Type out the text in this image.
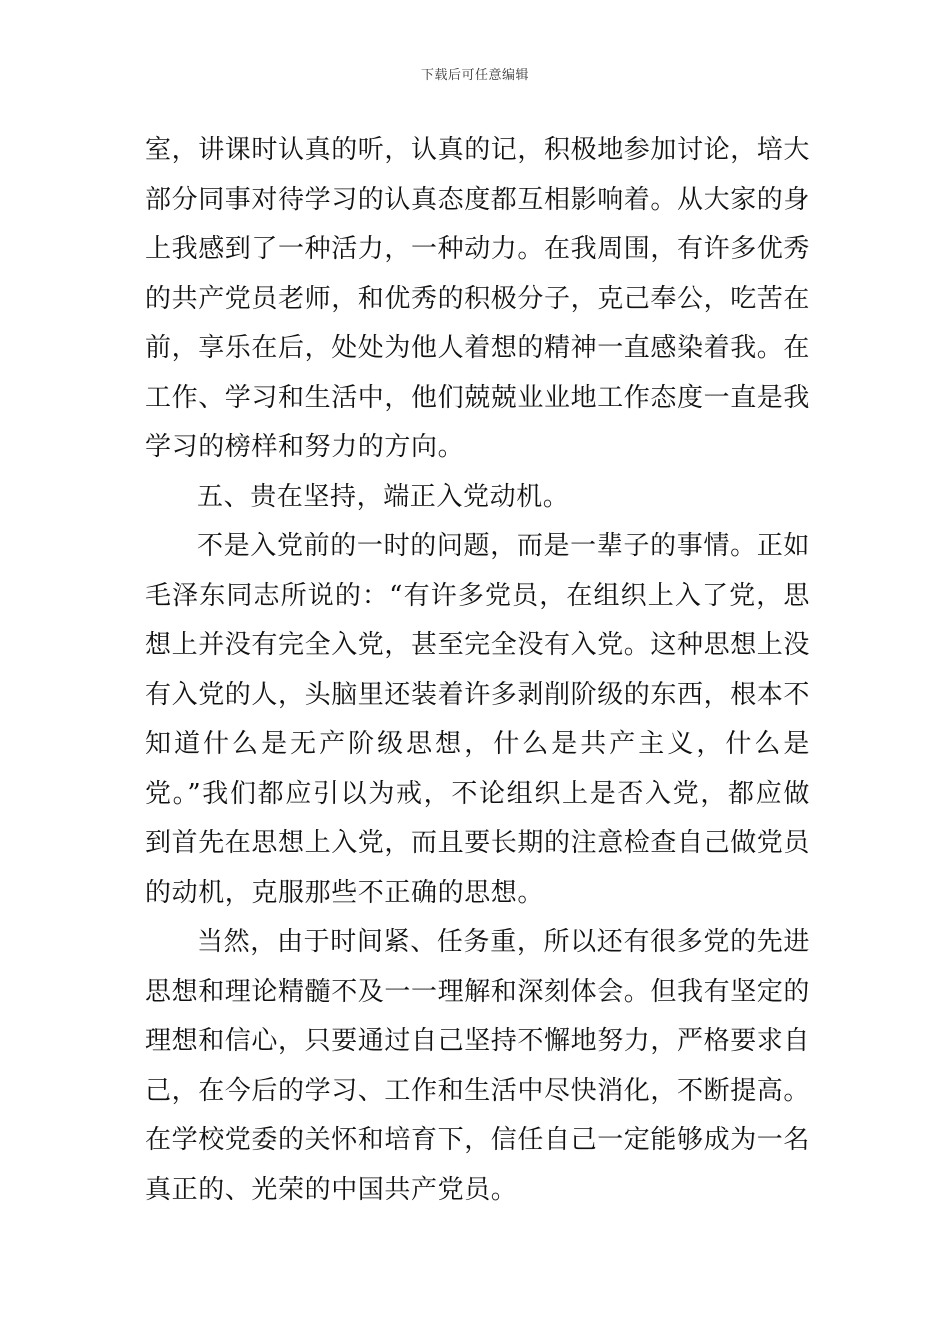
下载后可任意编辑

室，讲课时认真的听，认真的记，积极地参加讨论，培大部分同事对待学习的认真态度都互相影响着。从大家的身上我感到了一种活力，一种动力。在我周围，有许多优秀的共产党员老师，和优秀的积极分子，克己奉公，吃苦在前，享乐在后，处处为他人着想的精神一直感染着我。在工作、学习和生活中，他们兢兢业业地工作态度一直是我学习的榜样和努力的方向。

五、贵在坚持，端正入党动机。

不是入党前的一时的问题，而是一辈子的事情。正如毛泽东同志所说的：“有许多党员，在组织上入了党，思想上并没有完全入党，甚至完全没有入党。这种思想上没有入党的人，头脑里还装着许多剥削阶级的东西，根本不知道什么是无产阶级思想，什么是共产主义，什么是党。”我们都应引以为戒，不论组织上是否入党，都应做到首先在思想上入党，而且要长期的注意检查自己做党员的动机，克服那些不正确的思想。

当然，由于时间紧、任务重，所以还有很多党的先进思想和理论精髓不及一一理解和深刻体会。但我有坚定的理想和信心，只要通过自己坚持不懈地努力，严格要求自己，在今后的学习、工作和生活中尽快消化，不断提高。在学校党委的关怀和培育下，信任自己一定能够成为一名真正的、光荣的中国共产党员。
